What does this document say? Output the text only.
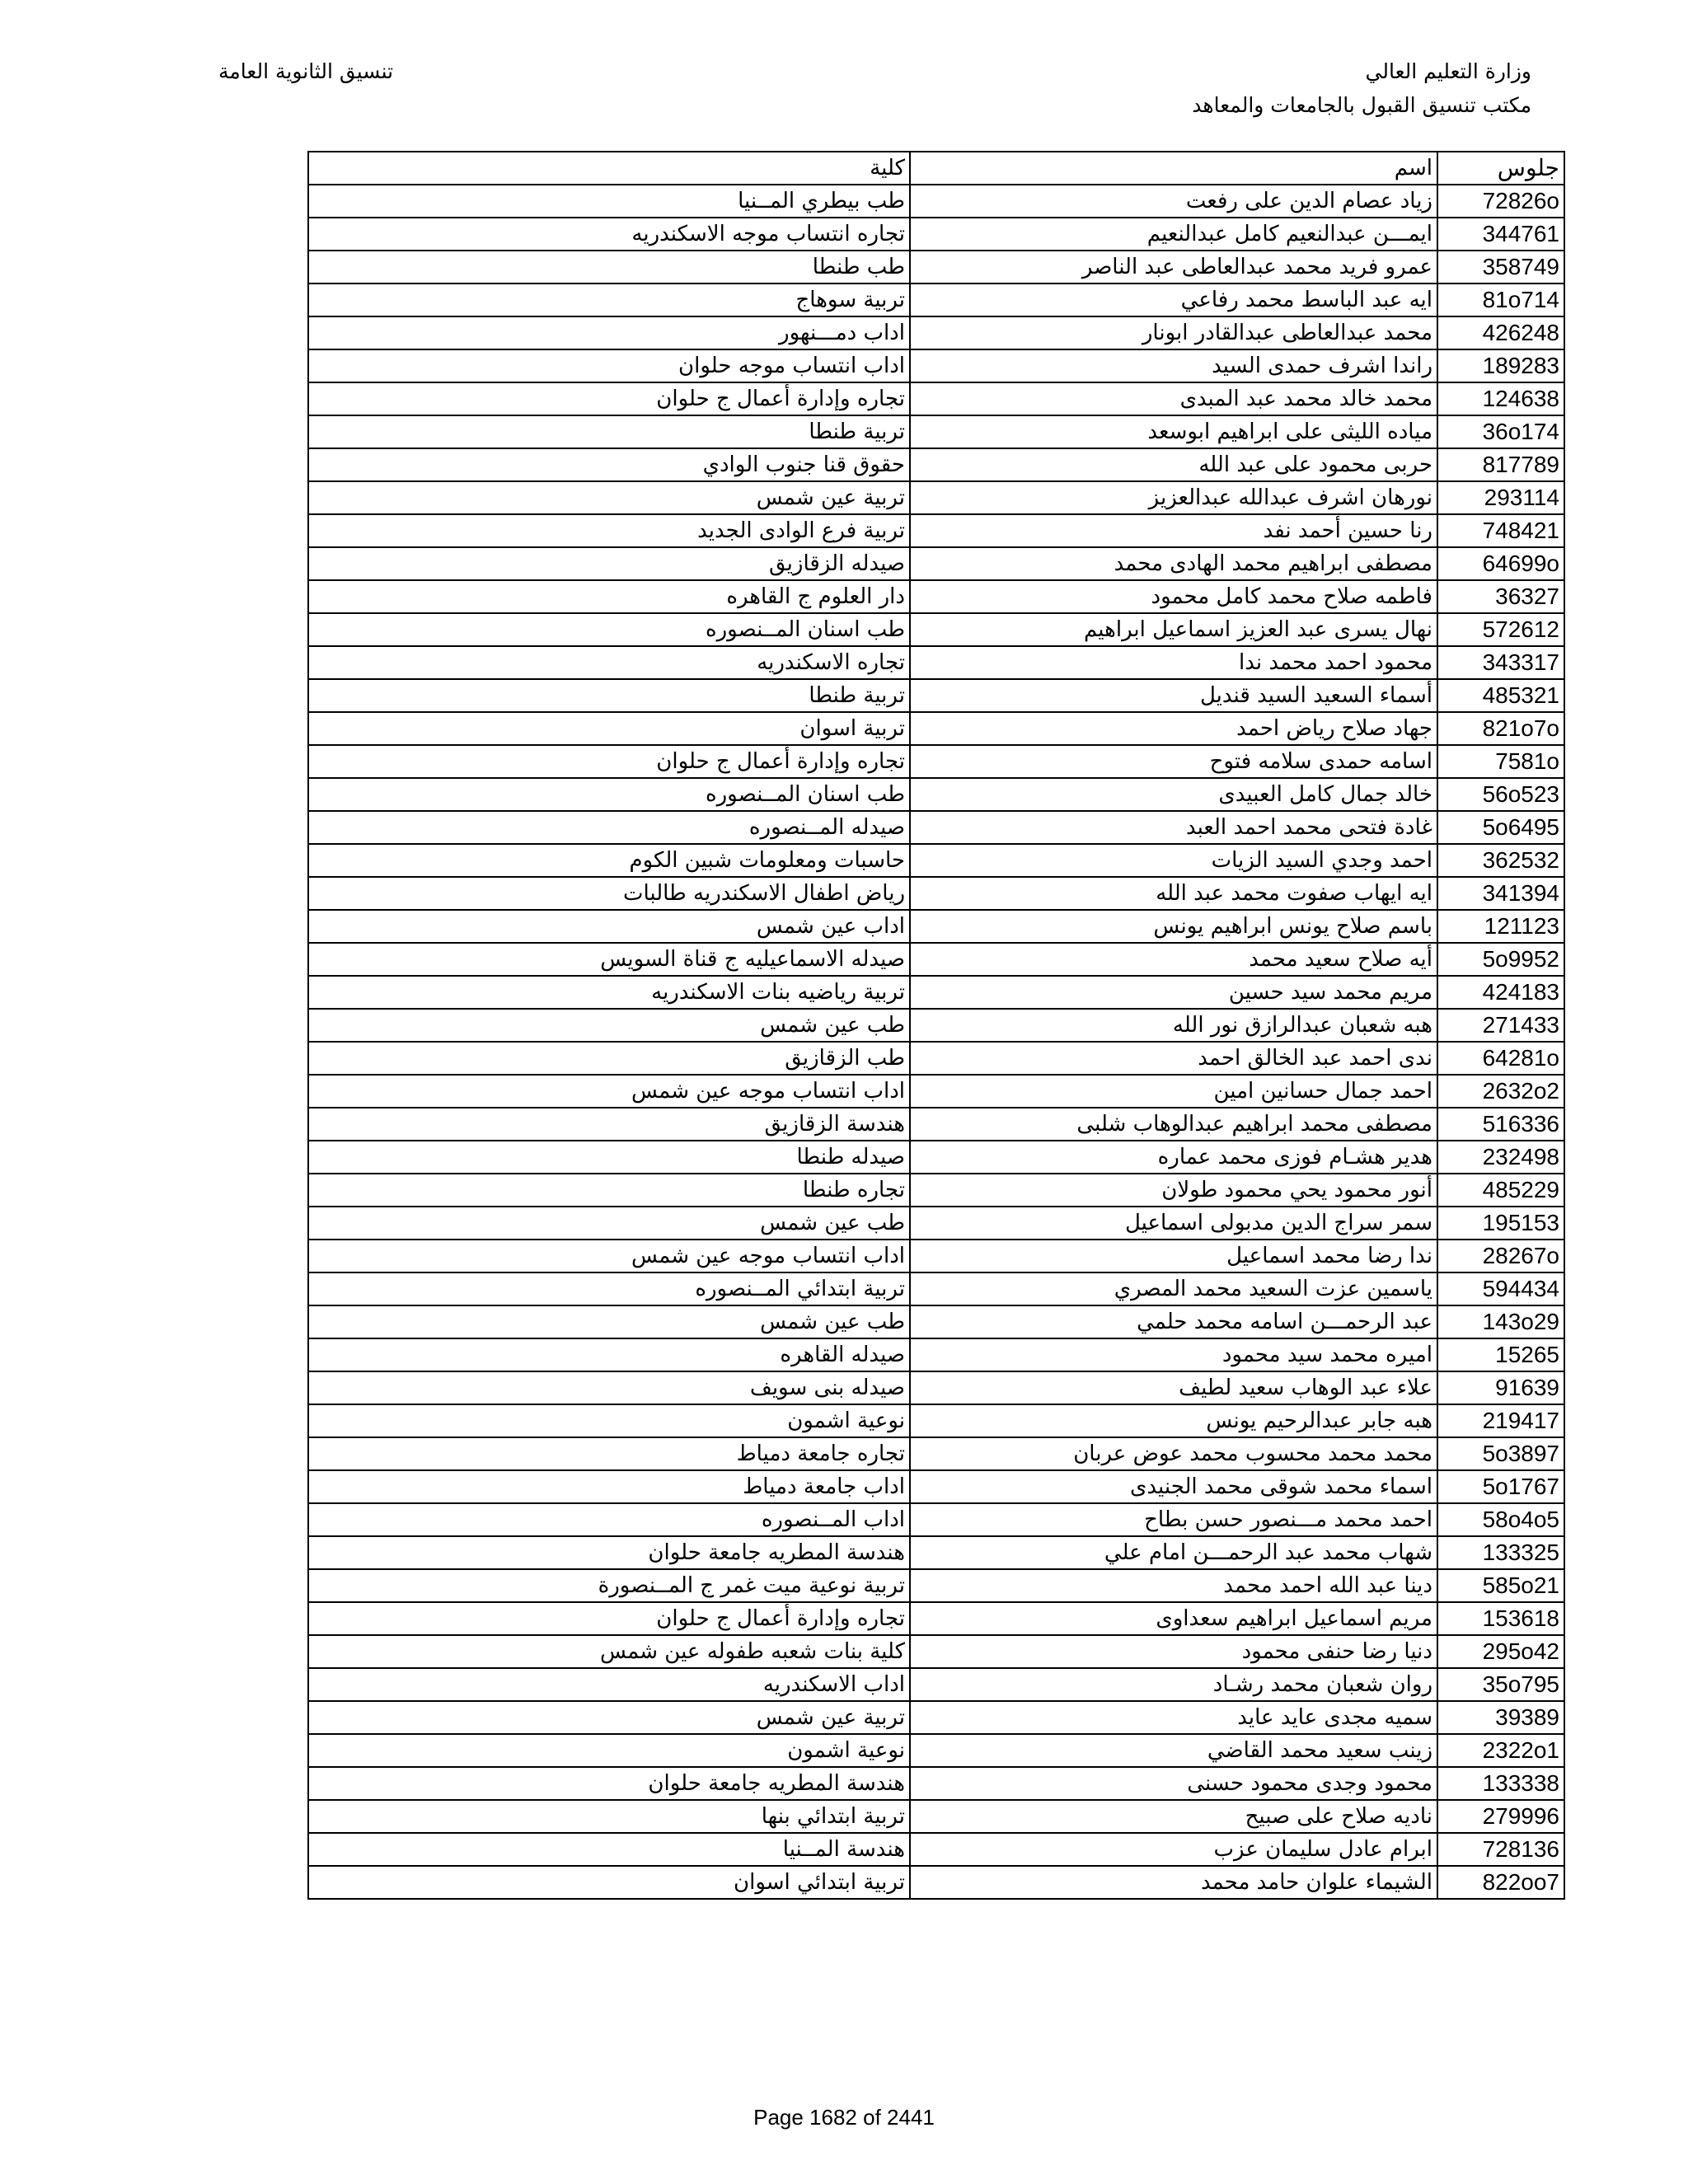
وزارة التعليم العالي
مكتب تنسيق القبول بالجامعات والمعاهد
تنسيق الثانوية العامة
جلوس	اسم	كلية
72826o	زياد عصام الدين على رفعت	طب بيطري المــنيا
344761	ايمـــن عبدالنعيم كامل عبدالنعيم	تجاره انتساب موجه الاسكندريه
358749	عمرو فريد محمد عبدالعاطى عبد الناصر	طب طنطا
81o714	ايه عبد الباسط محمد رفاعي	تربية سوهاج
426248	محمد عبدالعاطى عبدالقادر ابونار	اداب دمـــنهور
189283	راندا اشرف حمدى السيد	اداب انتساب موجه حلوان
124638	محمد خالد محمد عبد المبدى	تجاره وإدارة أعمال ج حلوان
36o174	مياده الليثى على ابراهيم ابوسعد	تربية طنطا
817789	حربى محمود على عبد الله	حقوق قنا جنوب الوادي
293114	نورهان اشرف عبدالله عبدالعزيز	تربية عين شمس
748421	رنا حسين أحمد نفد	تربية فرع الوادى الجديد
64699o	مصطفى ابراهيم محمد الهادى محمد	صيدله الزقازيق
36327	فاطمه صلاح محمد كامل محمود	دار العلوم ج القاهره
572612	نهال يسرى عبد العزيز اسماعيل ابراهيم	طب اسنان المــنصوره
343317	محمود احمد محمد ندا	تجاره الاسكندريه
485321	أسماء السعيد السيد قنديل	تربية طنطا
821o7o	جهاد صلاح رياض احمد	تربية اسوان
7581o	اسامه حمدى سلامه فتوح	تجاره وإدارة أعمال ج حلوان
56o523	خالد جمال كامل العبيدى	طب اسنان المــنصوره
5o6495	غادة فتحى محمد احمد العبد	صيدله المــنصوره
362532	احمد وجدي السيد الزيات	حاسبات ومعلومات شبين الكوم
341394	ايه ايهاب صفوت محمد عبد الله	رياض اطفال الاسكندريه طالبات
121123	باسم صلاح يونس ابراهيم يونس	اداب عين شمس
5o9952	أيه صلاح سعيد محمد	صيدله الاسماعيليه ج قناة السويس
424183	مريم محمد سيد حسين	تربية رياضيه بنات الاسكندريه
271433	هبه شعبان عبدالرازق نور الله	طب عين شمس
64281o	ندى احمد عبد الخالق احمد	طب الزقازيق
2632o2	احمد جمال حسانين امين	اداب انتساب موجه عين شمس
516336	مصطفى محمد ابراهيم عبدالوهاب شلبى	هندسة الزقازيق
232498	هدير هشـام فوزى محمد عماره	صيدله طنطا
485229	أنور محمود يحي محمود طولان	تجاره طنطا
195153	سمر سراج الدين مدبولى اسماعيل	طب عين شمس
28267o	ندا رضا محمد اسماعيل	اداب انتساب موجه عين شمس
594434	ياسمين عزت السعيد محمد المصري	تربية ابتدائي المــنصوره
143o29	عبد الرحمـــن اسامه محمد حلمي	طب عين شمس
15265	اميره محمد سيد محمود	صيدله القاهره
91639	علاء عبد الوهاب سعيد لطيف	صيدله بنى سويف
219417	هبه جابر عبدالرحيم يونس	نوعية اشمون
5o3897	محمد محمد محسوب محمد عوض عربان	تجاره جامعة دمياط
5o1767	اسماء محمد شوقى محمد الجنيدى	اداب جامعة دمياط
58o4o5	احمد محمد مـــنصور حسن بطاح	اداب المــنصوره
133325	شهاب محمد عبد الرحمـــن امام علي	هندسة المطريه جامعة حلوان
585o21	دينا عبد الله احمد محمد	تربية نوعية ميت غمر ج المــنصورة
153618	مريم اسماعيل ابراهيم سعداوى	تجاره وإدارة أعمال ج حلوان
295o42	دنيا رضا حنفى محمود	كلية بنات شعبه طفوله عين شمس
35o795	روان شعبان محمد رشـاد	اداب الاسكندريه
39389	سميه مجدى عايد عايد	تربية عين شمس
2322o1	زينب سعيد محمد القاضي	نوعية اشمون
133338	محمود وجدى محمود حسنى	هندسة المطريه جامعة حلوان
279996	ناديه صلاح على صبيح	تربية ابتدائي بنها
728136	ابرام عادل سليمان عزب	هندسة المــنيا
822oo7	الشيماء علوان حامد محمد	تربية ابتدائي اسوان
Page 1682 of 2441
